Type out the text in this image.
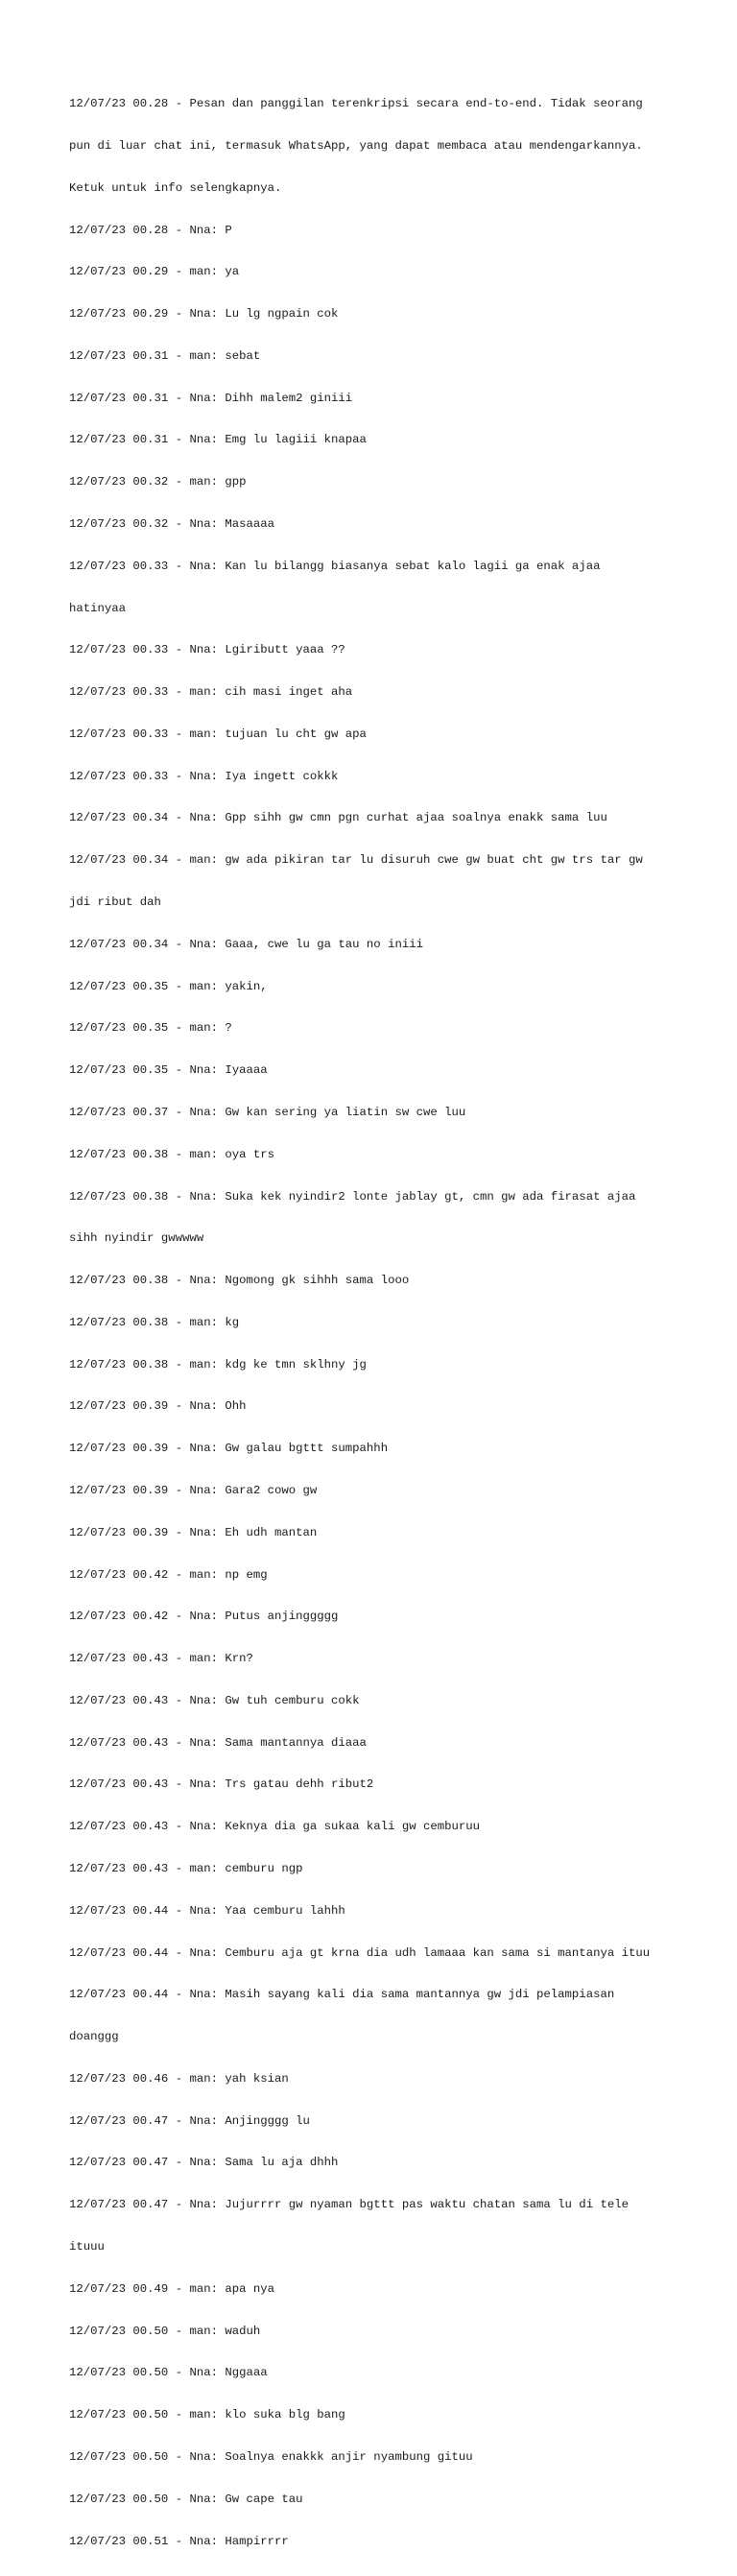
12/07/23 00.28 - Pesan dan panggilan terenkripsi secara end-to-end. Tidak seorang

pun di luar chat ini, termasuk WhatsApp, yang dapat membaca atau mendengarkannya.

Ketuk untuk info selengkapnya.

12/07/23 00.28 - Nna: P

12/07/23 00.29 - man: ya

12/07/23 00.29 - Nna: Lu lg ngpain cok

12/07/23 00.31 - man: sebat

12/07/23 00.31 - Nna: Dihh malem2 giniii

12/07/23 00.31 - Nna: Emg lu lagiii knapaa

12/07/23 00.32 - man: gpp

12/07/23 00.32 - Nna: Masaaaa

12/07/23 00.33 - Nna: Kan lu bilangg biasanya sebat kalo lagii ga enak ajaa

hatinyaa

12/07/23 00.33 - Nna: Lgiributt yaaa ??

12/07/23 00.33 - man: cih masi inget aha

12/07/23 00.33 - man: tujuan lu cht gw apa

12/07/23 00.33 - Nna: Iya ingett cokkk

12/07/23 00.34 - Nna: Gpp sihh gw cmn pgn curhat ajaa soalnya enakk sama luu

12/07/23 00.34 - man: gw ada pikiran tar lu disuruh cwe gw buat cht gw trs tar gw

jdi ribut dah

12/07/23 00.34 - Nna: Gaaa, cwe lu ga tau no iniii

12/07/23 00.35 - man: yakin,

12/07/23 00.35 - man: ?

12/07/23 00.35 - Nna: Iyaaaa

12/07/23 00.37 - Nna: Gw kan sering ya liatin sw cwe luu

12/07/23 00.38 - man: oya trs

12/07/23 00.38 - Nna: Suka kek nyindir2 lonte jablay gt, cmn gw ada firasat ajaa

sihh nyindir gwwwww

12/07/23 00.38 - Nna: Ngomong gk sihhh sama looo

12/07/23 00.38 - man: kg

12/07/23 00.38 - man: kdg ke tmn sklhny jg

12/07/23 00.39 - Nna: Ohh

12/07/23 00.39 - Nna: Gw galau bgttt sumpahhh

12/07/23 00.39 - Nna: Gara2 cowo gw

12/07/23 00.39 - Nna: Eh udh mantan

12/07/23 00.42 - man: np emg

12/07/23 00.42 - Nna: Putus anjinggggg

12/07/23 00.43 - man: Krn?

12/07/23 00.43 - Nna: Gw tuh cemburu cokk

12/07/23 00.43 - Nna: Sama mantannya diaaa

12/07/23 00.43 - Nna: Trs gatau dehh ribut2

12/07/23 00.43 - Nna: Keknya dia ga sukaa kali gw cemburuu

12/07/23 00.43 - man: cemburu ngp

12/07/23 00.44 - Nna: Yaa cemburu lahhh

12/07/23 00.44 - Nna: Cemburu aja gt krna dia udh lamaaa kan sama si mantanya ituu

12/07/23 00.44 - Nna: Masih sayang kali dia sama mantannya gw jdi pelampiasan

doanggg

12/07/23 00.46 - man: yah ksian

12/07/23 00.47 - Nna: Anjingggg lu

12/07/23 00.47 - Nna: Sama lu aja dhhh

12/07/23 00.47 - Nna: Jujurrrr gw nyaman bgttt pas waktu chatan sama lu di tele

ituuu

12/07/23 00.49 - man: apa nya

12/07/23 00.50 - man: waduh

12/07/23 00.50 - Nna: Nggaaa

12/07/23 00.50 - man: klo suka blg bang

12/07/23 00.50 - Nna: Soalnya enakkk anjir nyambung gituu

12/07/23 00.50 - Nna: Gw cape tau

12/07/23 00.51 - Nna: Hampirrrr
